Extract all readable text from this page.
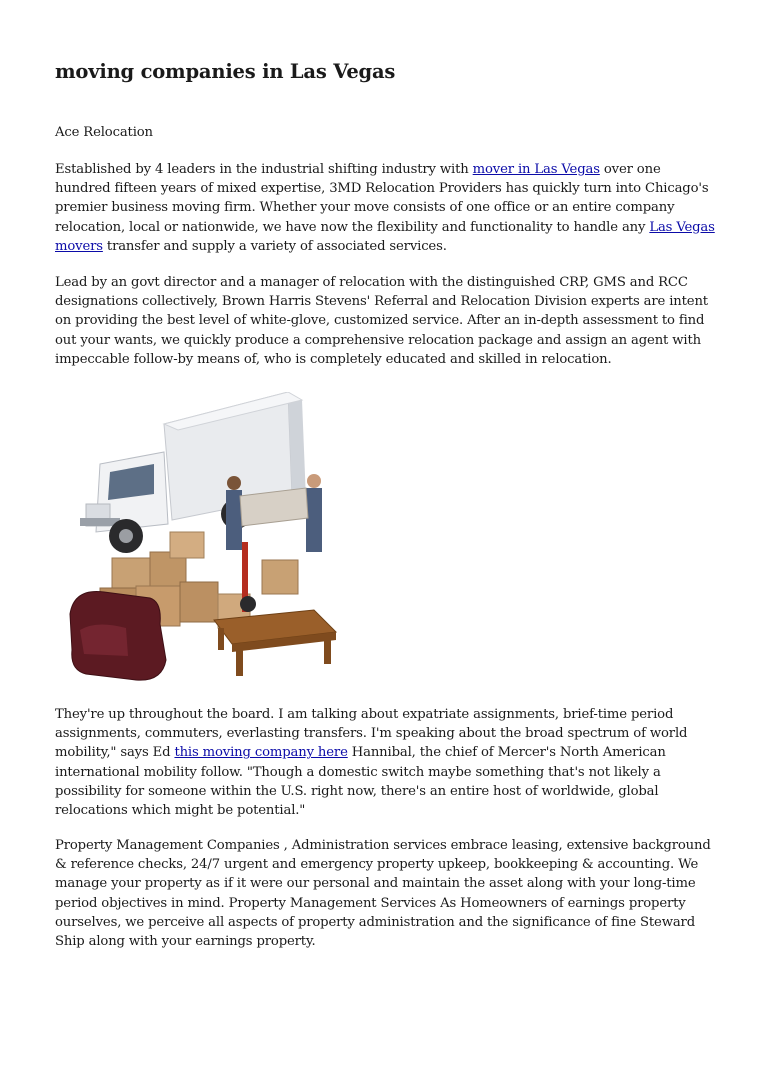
moving companies in Las Vegas

Ace Relocation

Established by 4 leaders in the industrial shifting industry with mover in Las Vegas over one hundred fifteen years of mixed expertise, 3MD Relocation Providers has quickly turn into Chicago's premier business moving firm. Whether your move consists of one office or an entire company relocation, local or nationwide, we have now the flexibility and functionality to handle any Las Vegas movers transfer and supply a variety of associated services.

Lead by an govt director and a manager of relocation with the distinguished CRP, GMS and RCC designations collectively, Brown Harris Stevens' Referral and Relocation Division experts are intent on providing the best level of white-glove, customized service. After an in-depth assessment to find out your wants, we quickly produce a comprehensive relocation package and assign an agent with impeccable follow-by means of, who is completely educated and skilled in relocation.

They're up throughout the board. I am talking about expatriate assignments, brief-time period assignments, commuters, everlasting transfers. I'm speaking about the broad spectrum of world mobility," says Ed this moving company here Hannibal, the chief of Mercer's North American international mobility follow. "Though a domestic switch maybe something that's not likely a possibility for someone within the U.S. right now, there's an entire host of worldwide, global relocations which might be potential."

Property Management Companies , Administration services embrace leasing, extensive background & reference checks, 24/7 urgent and emergency property upkeep, bookkeeping & accounting. We manage your property as if it were our personal and maintain the asset along with your long-time period objectives in mind. Property Management Services As Homeowners of earnings property ourselves, we perceive all aspects of property administration and the significance of fine Steward Ship along with your earnings property.
